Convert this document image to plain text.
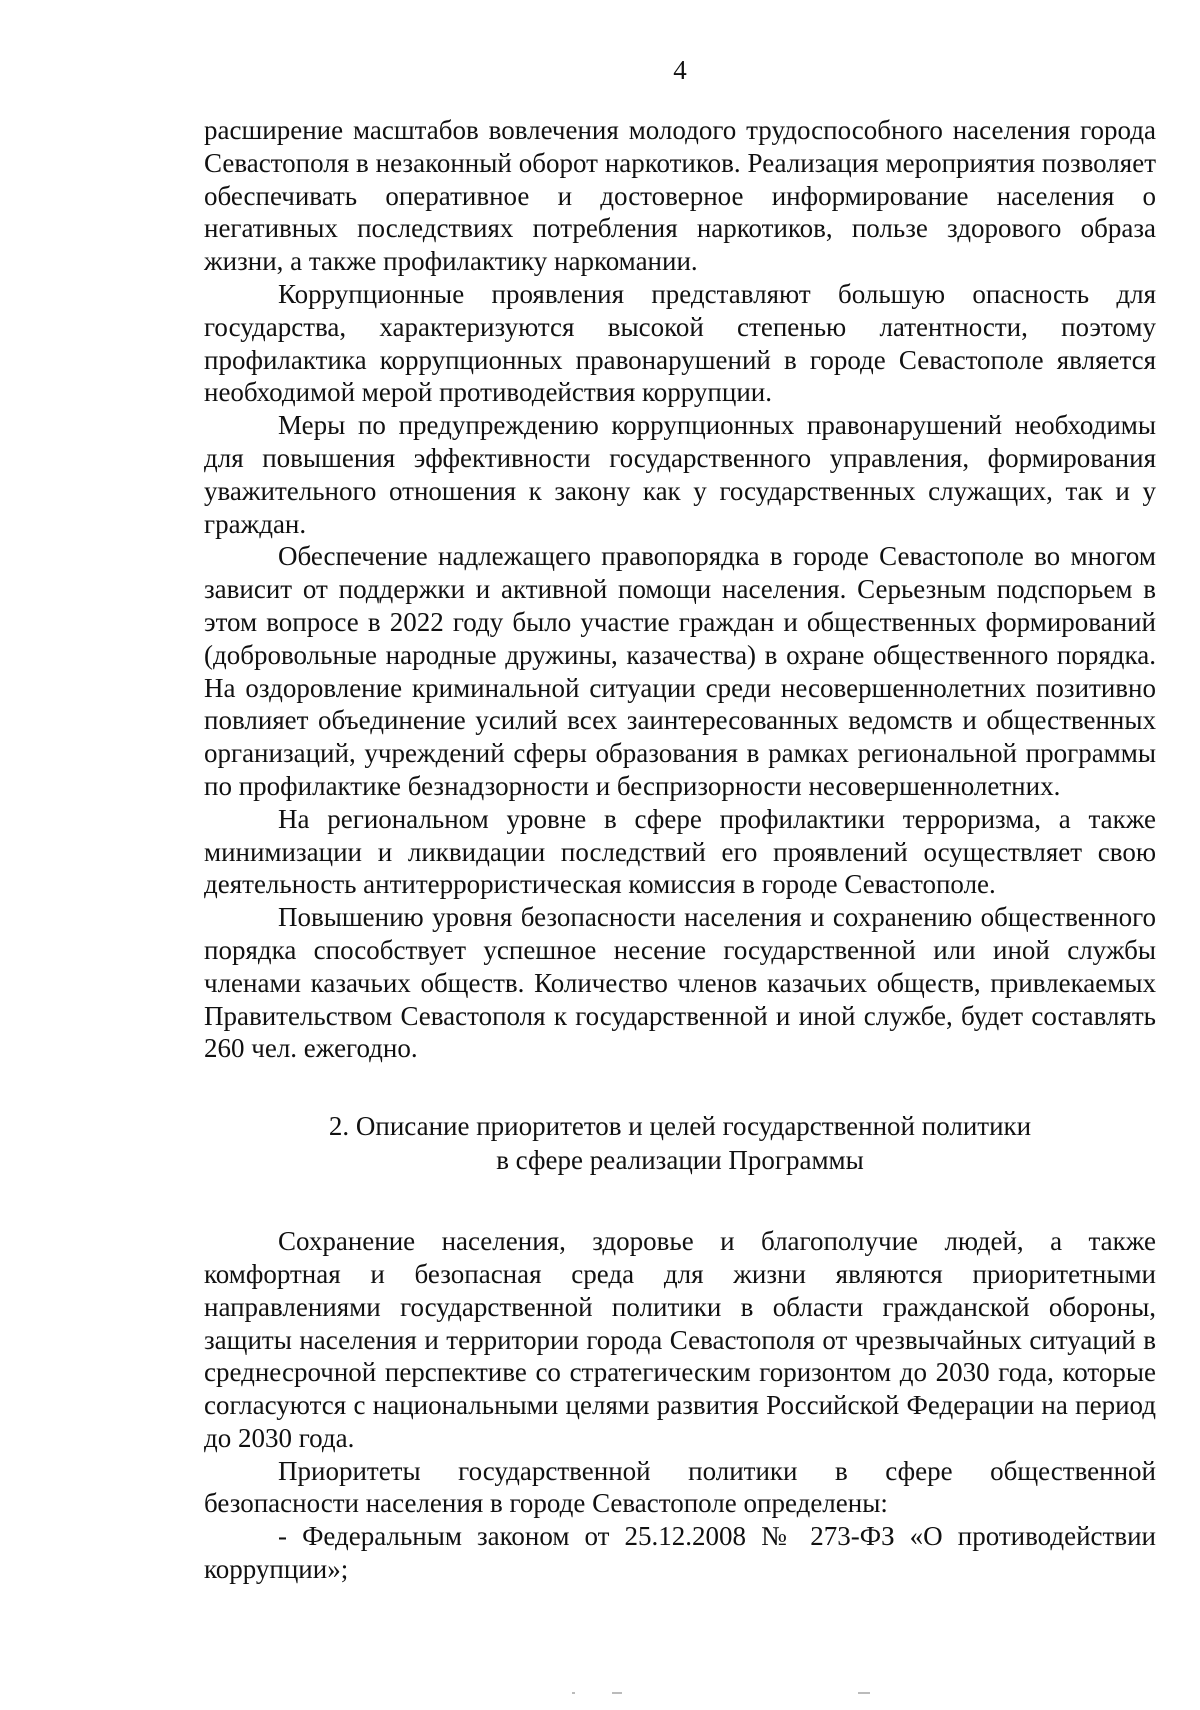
4

расширение масштабов вовлечения молодого трудоспособного населения города Севастополя в незаконный оборот наркотиков. Реализация мероприятия позволяет обеспечивать оперативное и достоверное информирование населения о негативных последствиях потребления наркотиков, пользе здорового образа жизни, а также профилактику наркомании.

Коррупционные проявления представляют большую опасность для государства, характеризуются высокой степенью латентности, поэтому профилактика коррупционных правонарушений в городе Севастополе является необходимой мерой противодействия коррупции.

Меры по предупреждению коррупционных правонарушений необходимы для повышения эффективности государственного управления, формирования уважительного отношения к закону как у государственных служащих, так и у граждан.

Обеспечение надлежащего правопорядка в городе Севастополе во многом зависит от поддержки и активной помощи населения. Серьезным подспорьем в этом вопросе в 2022 году было участие граждан и общественных формирований (добровольные народные дружины, казачества) в охране общественного порядка. На оздоровление криминальной ситуации среди несовершеннолетних позитивно повлияет объединение усилий всех заинтересованных ведомств и общественных организаций, учреждений сферы образования в рамках региональной программы по профилактике безнадзорности и беспризорности несовершеннолетних.

На региональном уровне в сфере профилактики терроризма, а также минимизации и ликвидации последствий его проявлений осуществляет свою деятельность антитеррористическая комиссия в городе Севастополе.

Повышению уровня безопасности населения и сохранению общественного порядка способствует успешное несение государственной или иной службы членами казачьих обществ. Количество членов казачьих обществ, привлекаемых Правительством Севастополя к государственной и иной службе, будет составлять 260 чел. ежегодно.

2. Описание приоритетов и целей государственной политики
в сфере реализации Программы

Сохранение населения, здоровье и благополучие людей, а также комфортная и безопасная среда для жизни являются приоритетными направлениями государственной политики в области гражданской обороны, защиты населения и территории города Севастополя от чрезвычайных ситуаций в среднесрочной перспективе со стратегическим горизонтом до 2030 года, которые согласуются с национальными целями развития Российской Федерации на период до 2030 года.

Приоритеты государственной политики в сфере общественной безопасности населения в городе Севастополе определены:

- Федеральным законом от 25.12.2008 № 273-ФЗ «О противодействии коррупции»;
